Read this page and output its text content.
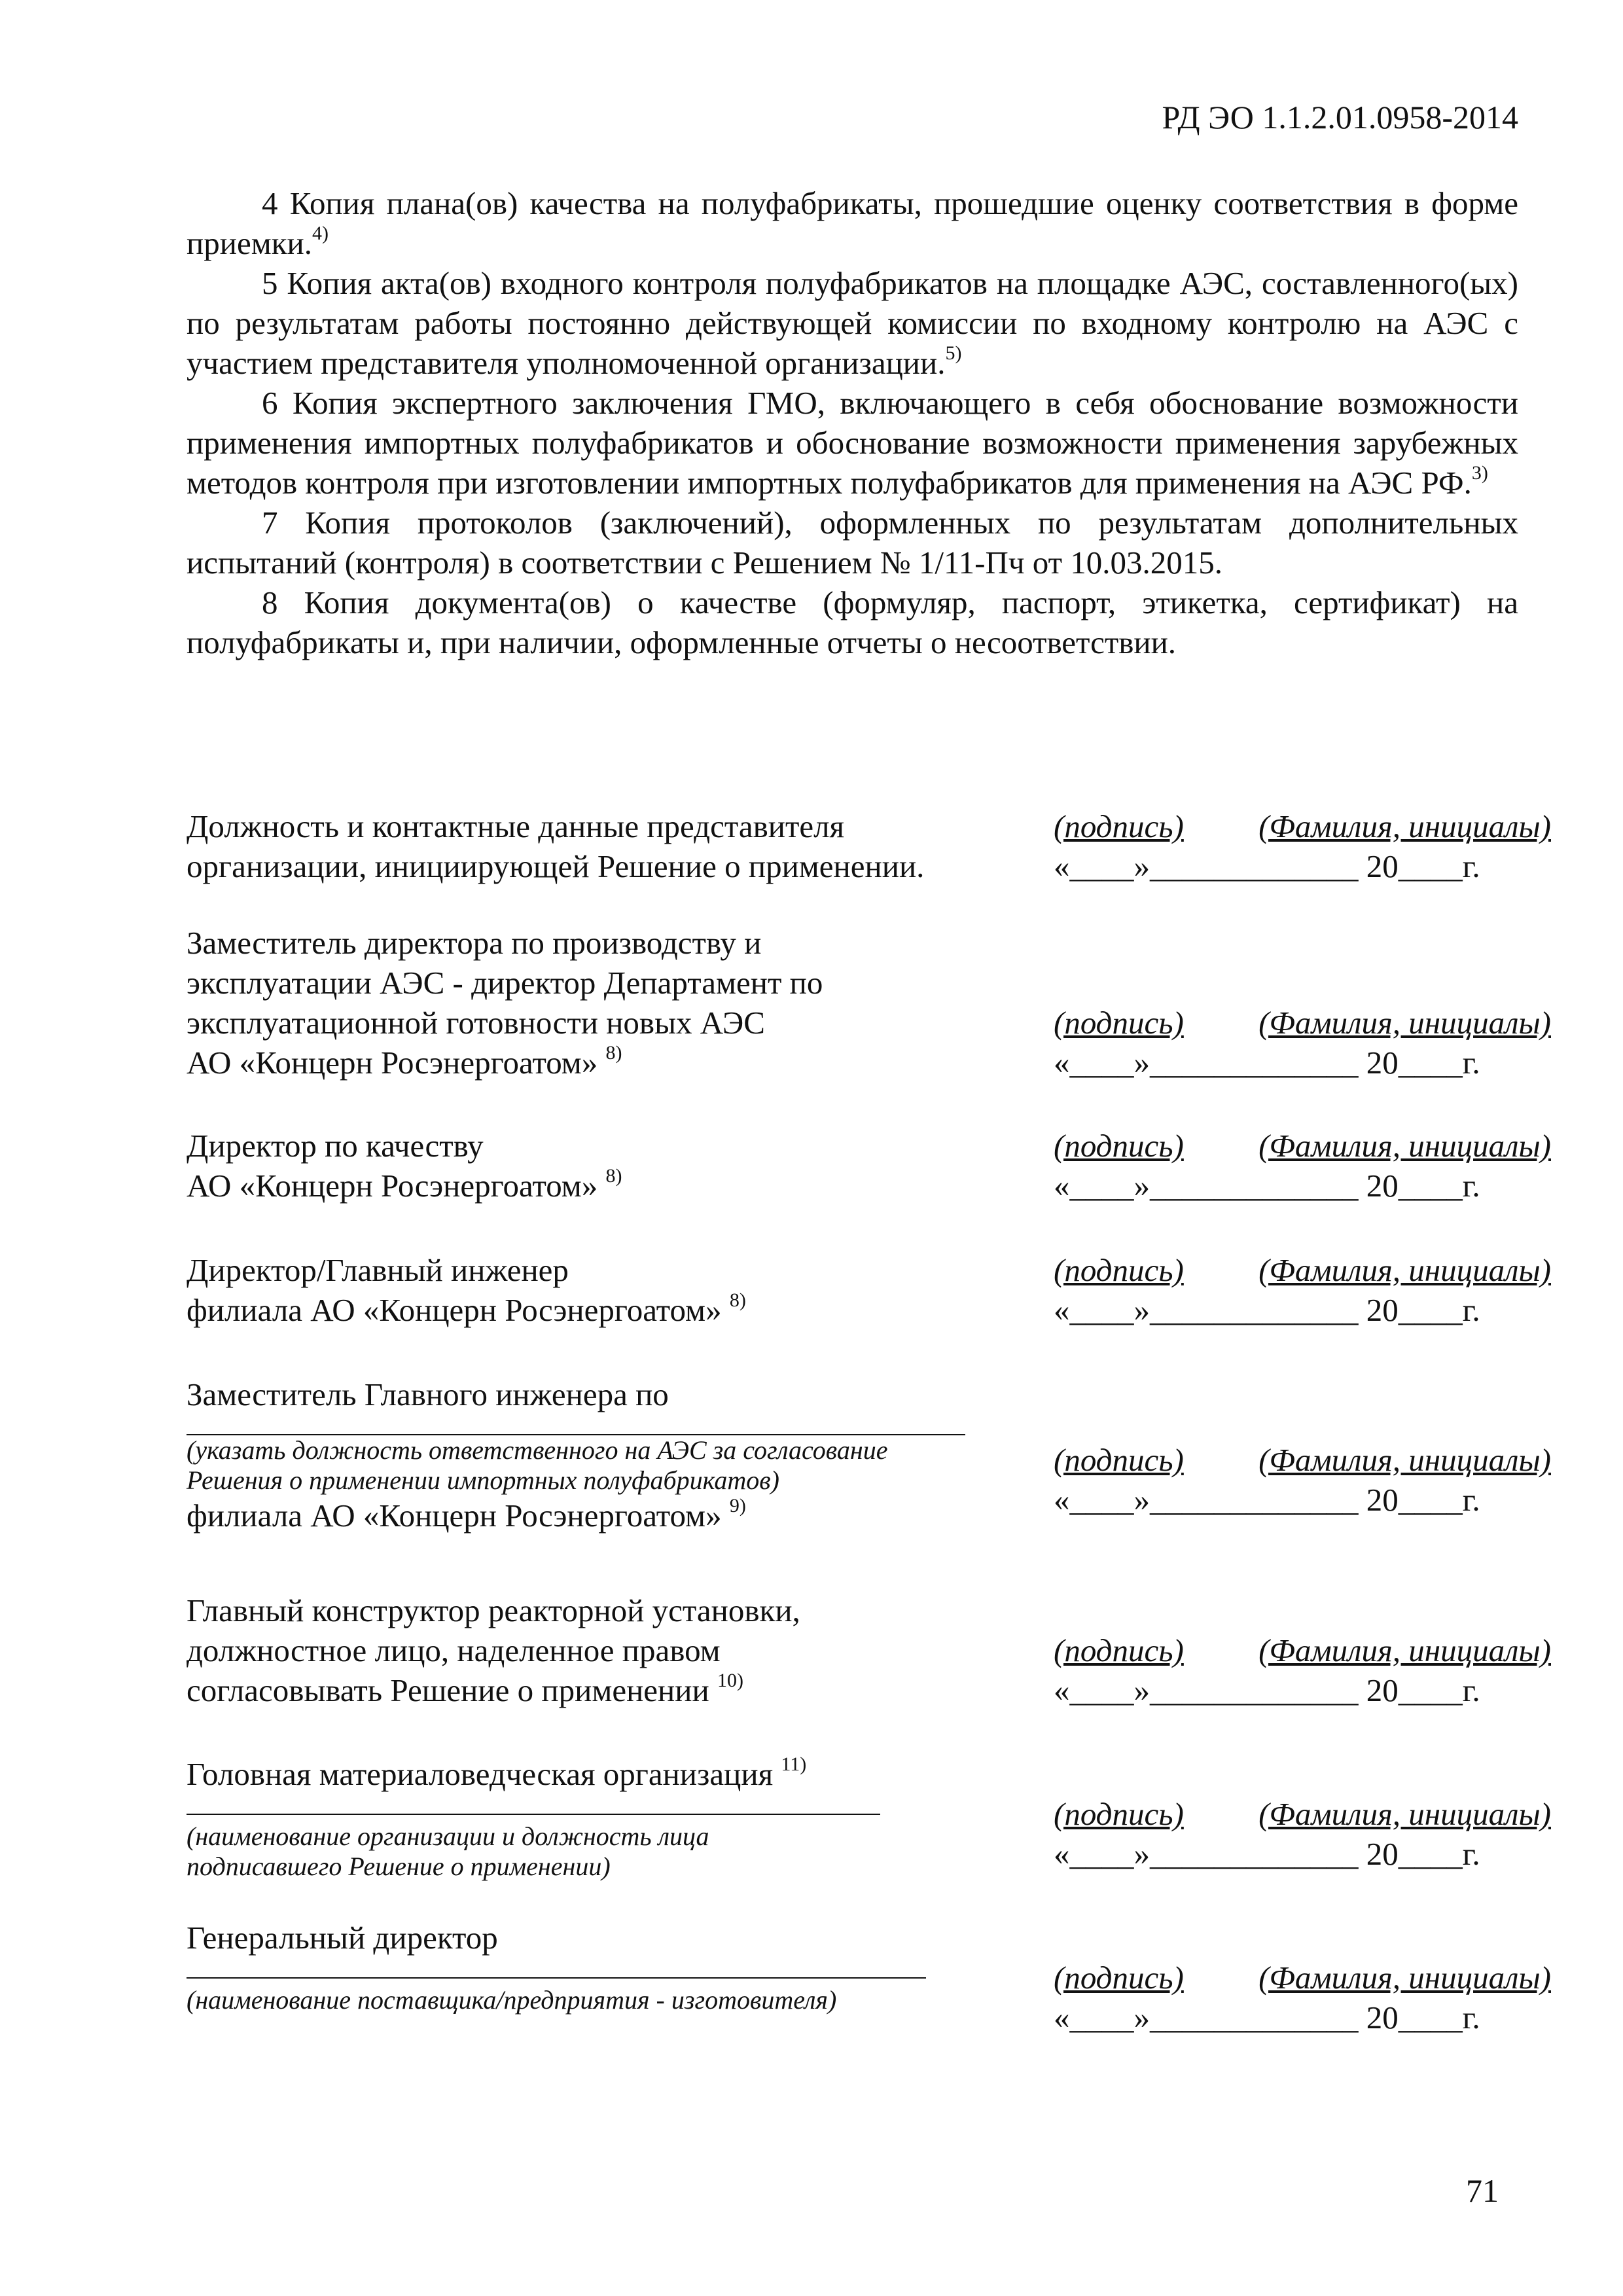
РД ЭО 1.1.2.01.0958-2014

4 Копия плана(ов) качества на полуфабрикаты, прошедшие оценку соответствия в форме приемки.$^{4)}$

5 Копия акта(ов) входного контроля полуфабрикатов на площадке АЭС, составленного(ых) по результатам работы постоянно действующей комиссии по входному контролю на АЭС с участием представителя уполномоченной организации.$^{5)}$

6 Копия экспертного заключения ГМО, включающего в себя обоснование возможности применения импортных полуфабрикатов и обоснование возможности применения зарубежных методов контроля при изготовлении импортных полуфабрикатов для применения на АЭС РФ.$^{3)}$

7 Копия протоколов (заключений), оформленных по результатам дополнительных испытаний (контроля) в соответствии с Решением № 1/11-Пч от 10.03.2015.

8 Копия документа(ов) о качестве (формуляр, паспорт, этикетка, сертификат) на полуфабрикаты и, при наличии, оформленные отчеты о несоответствии.

Должность и контактные данные представителя
организации, инициирующей Решение о применении.
(подпись) (Фамилия, инициалы)
«____»_____________ 20____г.
Заместитель директора по производству и
эксплуатации АЭС - директор Департамент по
эксплуатационной готовности новых АЭС
АО «Концерн Росэнергоатом» $^{8)}$
(подпись) (Фамилия, инициалы)
«____»_____________ 20____г.
Директор по качеству
АО «Концерн Росэнергоатом» $^{8)}$
(подпись) (Фамилия, инициалы)
«____»_____________ 20____г.
Директор/Главный инженер
филиала АО «Концерн Росэнергоатом» $^{8)}$
(подпись) (Фамилия, инициалы)
«____»_____________ 20____г.
Заместитель Главного инженера по
(указать должность ответственного на АЭС за согласование
Решения о применении импортных полуфабрикатов)
филиала АО «Концерн Росэнергоатом» $^{9)}$
(подпись) (Фамилия, инициалы)
«____»_____________ 20____г.
Главный конструктор реакторной установки,
должностное лицо, наделенное правом
согласовывать Решение о применении $^{10)}$
(подпись) (Фамилия, инициалы)
«____»_____________ 20____г.
Головная материаловедческая организация $^{11)}$
(наименование организации и должность лица
подписавшего Решение о применении)
(подпись) (Фамилия, инициалы)
«____»_____________ 20____г.
Генеральный директор
(наименование поставщика/предприятия - изготовителя)
(подпись) (Фамилия, инициалы)
«____»_____________ 20____г.
71
